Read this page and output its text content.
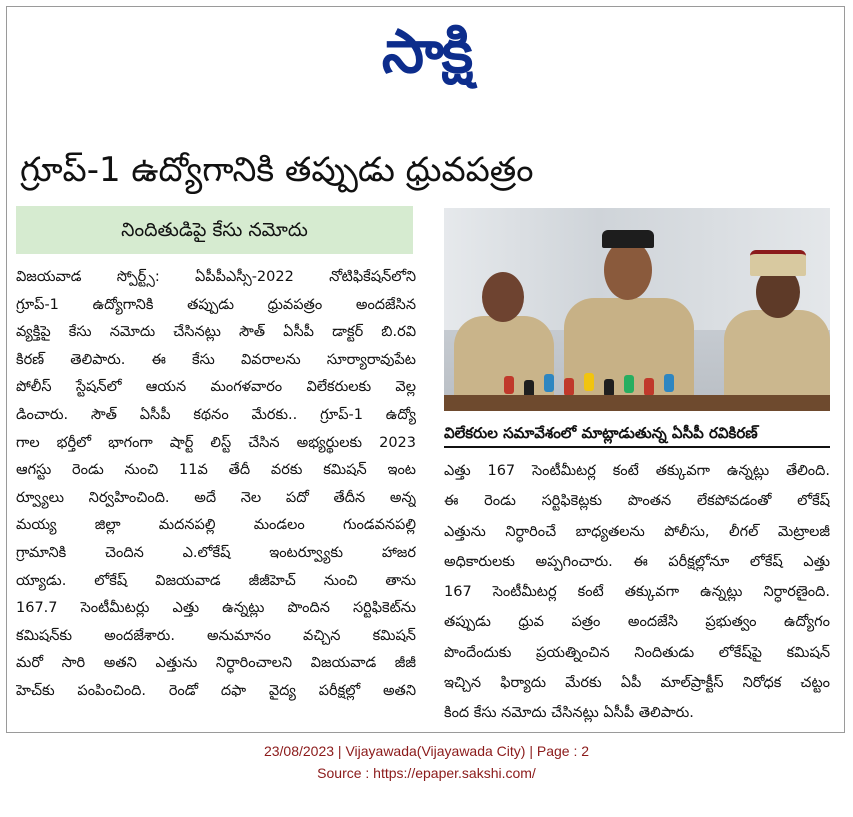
సాక్షి
గ్రూప్-1 ఉద్యోగానికి తప్పుడు ధ్రువపత్రం
నిందితుడిపై కేసు నమోదు
విజయవాడ స్పోర్ట్స్: ఏపీపీఎస్సీ-2022 నోటిఫికేషన్‌లోని
గ్రూప్-1 ఉద్యోగానికి తప్పుడు ధ్రువపత్రం అందజేసిన
వ్యక్తిపై కేసు నమోదు చేసినట్లు సౌత్ ఏసీపీ డాక్టర్ బి.రవి
కిరణ్ తెలిపారు. ఈ కేసు వివరాలను సూర్యారావుపేట
పోలీస్ స్టేషన్‌లో ఆయన మంగళవారం విలేకరులకు వెల్ల
డించారు. సౌత్ ఏసీపీ కథనం మేరకు.. గ్రూప్-1 ఉద్యో
గాల భర్తీలో భాగంగా షార్ట్ లిస్ట్ చేసిన అభ్యర్థులకు 2023
ఆగస్టు రెండు నుంచి 11వ తేదీ వరకు కమిషన్ ఇంట
ర్వ్యూలు నిర్వహించింది. అదే నెల పదో తేదీన అన్న
మయ్య జిల్లా మదనపల్లి మండలం గుండవనపల్లి
గ్రామానికి చెందిన ఎ.లోకేష్ ఇంటర్వ్యూకు హాజర
య్యాడు. లోకేష్ విజయవాడ జీజీహెచ్ నుంచి తాను
167.7 సెంటీమీటర్లు ఎత్తు ఉన్నట్లు పొందిన సర్టిఫికెట్‌ను
కమిషన్‌కు అందజేశారు. అనుమానం వచ్చిన కమిషన్
మరో సారి అతని ఎత్తును నిర్ధారించాలని విజయవాడ జీజీ
హెచ్‌కు పంపించింది. రెండో దఫా వైద్య పరీక్షల్లో అతని
విలేకరుల సమావేశంలో మాట్లాడుతున్న ఏసీపీ రవికిరణ్
ఎత్తు 167 సెంటీమీటర్ల కంటే తక్కువగా ఉన్నట్లు తేలింది.
ఈ రెండు సర్టిఫికెట్లకు పొంతన లేకపోవడంతో లోకేష్
ఎత్తును నిర్ధారించే బాధ్యతలను పోలీసు, లీగల్ మెట్రాలజీ
అధికారులకు అప్పగించారు. ఈ పరీక్షల్లోనూ లోకేష్ ఎత్తు
167 సెంటీమీటర్ల కంటే తక్కువగా ఉన్నట్లు నిర్ధారణైంది.
తప్పుడు ధ్రువ పత్రం అందజేసి ప్రభుత్వం ఉద్యోగం
పొందేందుకు ప్రయత్నించిన నిందితుడు లోకేష్‌పై కమిషన్
ఇచ్చిన ఫిర్యాదు మేరకు ఏపీ మాల్‌ప్రాక్టీస్ నిరోధక చట్టం
కింద కేసు నమోదు చేసినట్లు ఏసీపీ తెలిపారు.
23/08/2023 | Vijayawada(Vijayawada City) | Page : 2
Source : https://epaper.sakshi.com/
